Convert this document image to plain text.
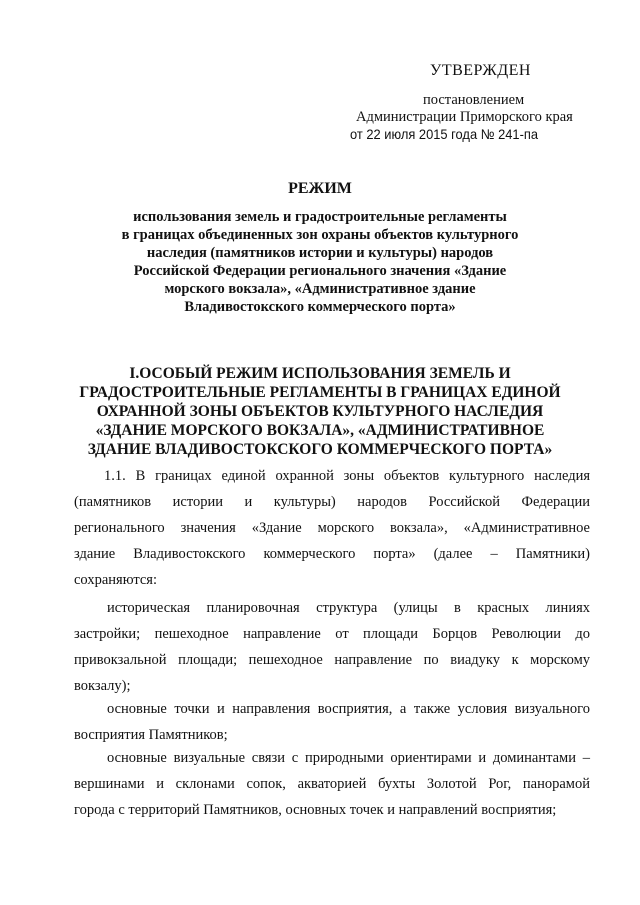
УТВЕРЖДЕН
постановлением
Администрации Приморского края
от 22 июля 2015 года № 241-па
РЕЖИМ
использования земель и градостроительные регламенты
в границах объединенных зон охраны объектов культурного
наследия (памятников истории и культуры) народов
Российской Федерации регионального значения «Здание
морского вокзала», «Административное здание
Владивостокского коммерческого порта»
I.ОСОБЫЙ РЕЖИМ ИСПОЛЬЗОВАНИЯ ЗЕМЕЛЬ И
ГРАДОСТРОИТЕЛЬНЫЕ РЕГЛАМЕНТЫ В ГРАНИЦАХ ЕДИНОЙ
ОХРАННОЙ ЗОНЫ ОБЪЕКТОВ КУЛЬТУРНОГО НАСЛЕДИЯ
«ЗДАНИЕ МОРСКОГО ВОКЗАЛА», «АДМИНИСТРАТИВНОЕ
ЗДАНИЕ ВЛАДИВОСТОКСКОГО КОММЕРЧЕСКОГО ПОРТА»
1.1. В границах единой охранной зоны объектов культурного наследия
(памятников истории и культуры) народов Российской Федерации
регионального значения «Здание морского вокзала», «Административное
здание Владивостокского коммерческого порта» (далее – Памятники)
сохраняются:
историческая планировочная структура (улицы в красных линиях
застройки; пешеходное направление от площади Борцов Революции до
привокзальной площади; пешеходное направление по виадуку к морскому
вокзалу);
основные точки и направления восприятия, а также условия визуального
восприятия Памятников;
основные визуальные связи с природными ориентирами и доминантами –
вершинами и склонами сопок, акваторией бухты Золотой Рог, панорамой
города с территорий Памятников, основных точек и направлений восприятия;
